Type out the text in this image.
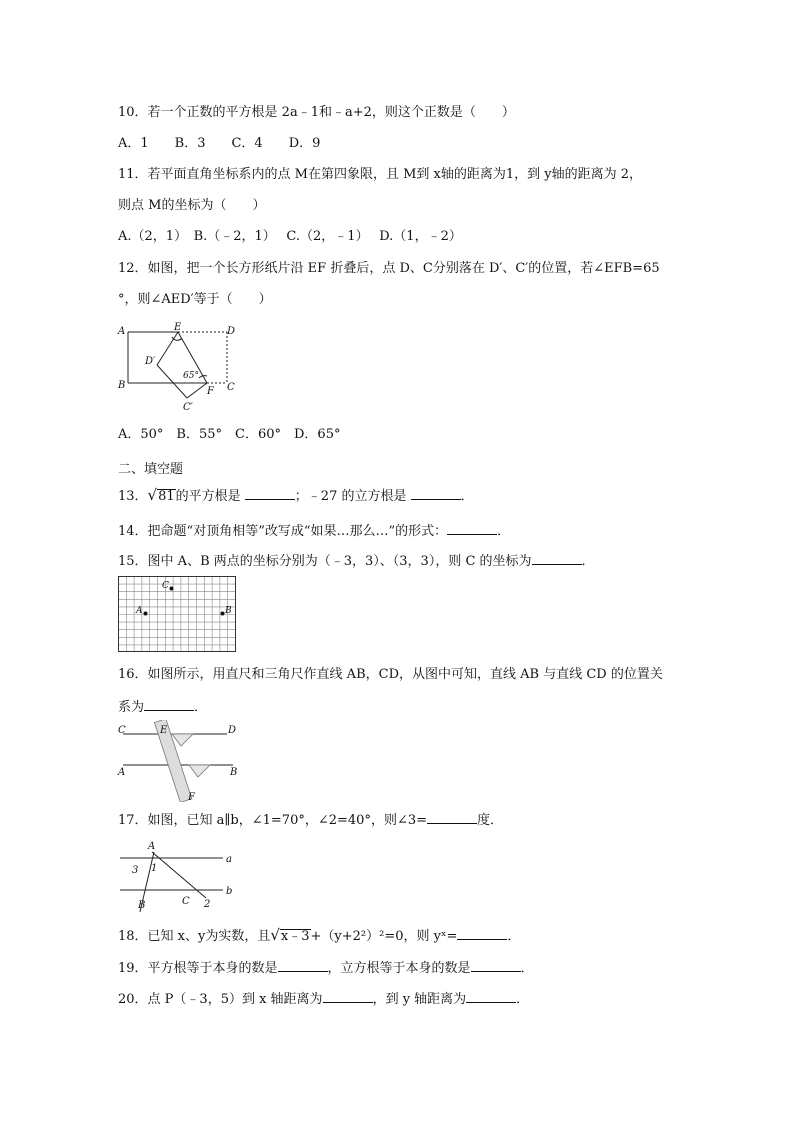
10．若一个正数的平方根是 2a﹣1和﹣a+2，则这个正数是（　　）
A．1　　B．3　　C．4　　D．9
11．若平面直角坐标系内的点 M在第四象限，且 M到 x轴的距离为1，到 y轴的距离为 2，
则点 M的坐标为（　　）
A.（2，1）　B.（﹣2，1）　 C.（2，﹣1）　 D.（1，﹣2）
12．如图，把一个长方形纸片沿 EF 折叠后，点 D、C分别落在 D′、C′的位置，若∠EFB=65
°，则∠AED′等于（　　）
A	D
B	C
E
F
D′
C′
65°
A．50°　B．55°　C．60°　D．65°
二、填空题
13．√81的平方根是	；﹣27 的立方根是	．
14．把命题“对顶角相等”改写成“如果…那么…”的形式：	．
15．图中 A、B 两点的坐标分别为（﹣3，3）、（3，3），则 C 的坐标为	．
A	B
C
16．如图所示，用直尺和三角尺作直线 AB，CD，从图中可知，直线 AB 与直线 CD 的位置关
系为	．
C	D
A	B
E
F
17．如图，已知 a∥b，∠1=70°，∠2=40°，则∠3=	度．
A
a
b
B	C
1
2
3
18．已知 x、y为实数，且√x﹣3+（y+2²）²=0，则 yˣ=	．
19．平方根等于本身的数是	，立方根等于本身的数是	．
20．点 P（﹣3，5）到 x 轴距离为	，到 y 轴距离为	．
